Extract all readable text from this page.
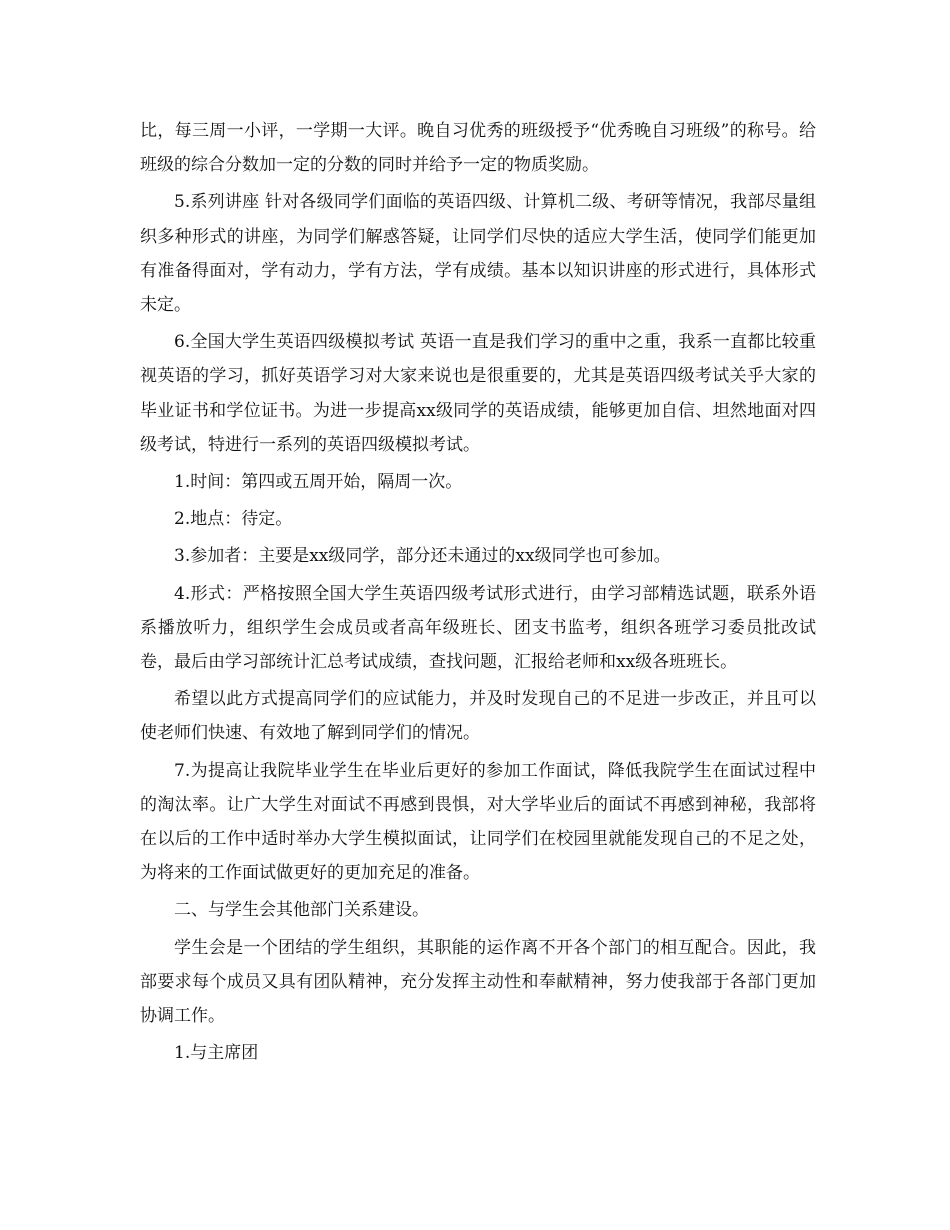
比，每三周一小评，一学期一大评。晚自习优秀的班级授予“优秀晚自习班级”的称号。给班级的综合分数加一定的分数的同时并给予一定的物质奖励。

5.系列讲座 针对各级同学们面临的英语四级、计算机二级、考研等情况，我部尽量组织多种形式的讲座，为同学们解惑答疑，让同学们尽快的适应大学生活，使同学们能更加有准备得面对，学有动力，学有方法，学有成绩。基本以知识讲座的形式进行，具体形式未定。

6.全国大学生英语四级模拟考试 英语一直是我们学习的重中之重，我系一直都比较重视英语的学习，抓好英语学习对大家来说也是很重要的，尤其是英语四级考试关乎大家的毕业证书和学位证书。为进一步提高xx级同学的英语成绩，能够更加自信、坦然地面对四级考试，特进行一系列的英语四级模拟考试。

1.时间：第四或五周开始，隔周一次。

2.地点：待定。

3.参加者：主要是xx级同学，部分还未通过的xx级同学也可参加。

4.形式：严格按照全国大学生英语四级考试形式进行，由学习部精选试题，联系外语系播放听力，组织学生会成员或者高年级班长、团支书监考，组织各班学习委员批改试卷，最后由学习部统计汇总考试成绩，查找问题，汇报给老师和xx级各班班长。

希望以此方式提高同学们的应试能力，并及时发现自己的不足进一步改正，并且可以使老师们快速、有效地了解到同学们的情况。

7.为提高让我院毕业学生在毕业后更好的参加工作面试，降低我院学生在面试过程中的淘汰率。让广大学生对面试不再感到畏惧，对大学毕业后的面试不再感到神秘，我部将在以后的工作中适时举办大学生模拟面试，让同学们在校园里就能发现自己的不足之处，为将来的工作面试做更好的更加充足的准备。

二、与学生会其他部门关系建设。

学生会是一个团结的学生组织，其职能的运作离不开各个部门的相互配合。因此，我部要求每个成员又具有团队精神，充分发挥主动性和奉献精神，努力使我部于各部门更加协调工作。

1.与主席团
